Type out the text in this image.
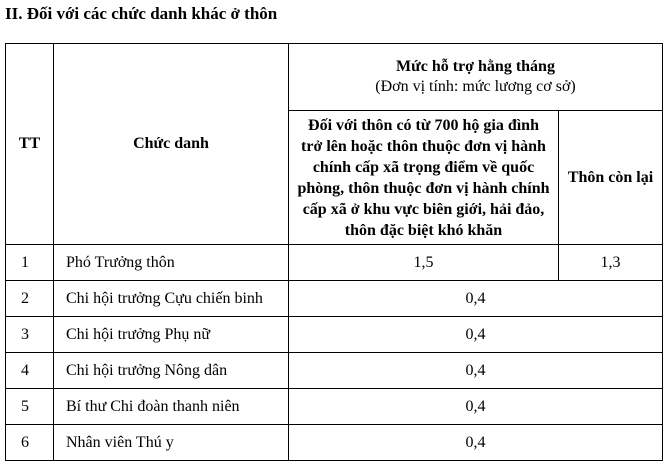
II. Đối với các chức danh khác ở thôn
TT	Chức danh	Mức hỗ trợ hằng tháng
(Đơn vị tính: mức lương cơ sở)	

		Đối với thôn có từ 700 hộ gia đình trở lên hoặc thôn thuộc đơn vị hành chính cấp xã trọng điểm về quốc phòng, thôn thuộc đơn vị hành chính cấp xã ở khu vực biên giới, hải đảo, thôn đặc biệt khó khăn	Thôn còn lại
1	Phó Trưởng thôn	1,5	1,3
2	Chi hội trưởng Cựu chiến binh	0,4	
3	Chi hội trưởng Phụ nữ	0,4	
4	Chi hội trưởng Nông dân	0,4	
5	Bí thư Chi đoàn thanh niên	0,4	
6	Nhân viên Thú y	0,4	
